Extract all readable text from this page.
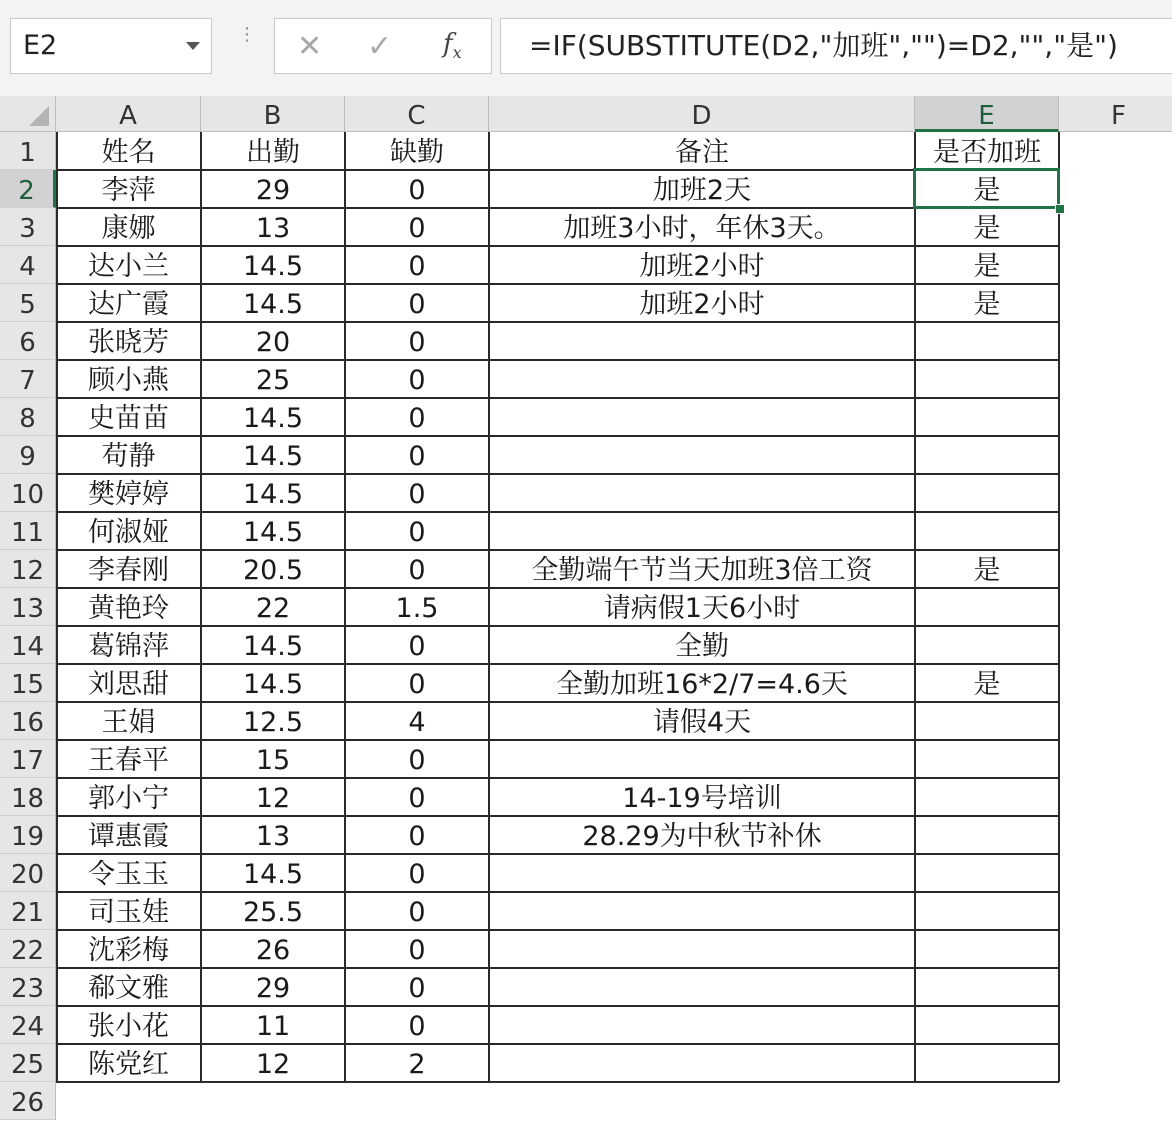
E2	⋮ ✕ ✓ $f_x$	=IF(SUBSTITUTE(D2,"加班","")=D2,"","是")
A	B	C	D	E	F
1
2
3
4
5
6
7
8
9
10
11
12
13
14
15
16
17
18
19
20
21
22
23
24
25
26
姓名	出勤	缺勤	备注	是否加班
李萍	29	0	加班2天	是
康娜	13	0	加班3小时，年休3天。	是
达小兰	14.5	0	加班2小时	是
达广霞	14.5	0	加班2小时	是
张晓芳	20	0
顾小燕	25	0
史苗苗	14.5	0
苟静	14.5	0
樊婷婷	14.5	0
何淑娅	14.5	0
李春刚	20.5	0	全勤端午节当天加班3倍工资	是
黄艳玲	22	1.5	请病假1天6小时
葛锦萍	14.5	0	全勤
刘思甜	14.5	0	全勤加班16*2/7=4.6天	是
王娟	12.5	4	请假4天
王春平	15	0
郭小宁	12	0	14-19号培训
谭惠霞	13	0	28.29为中秋节补休
令玉玉	14.5	0
司玉娃	25.5	0
沈彩梅	26	0
郗文雅	29	0
张小花	11	0
陈党红	12	2
